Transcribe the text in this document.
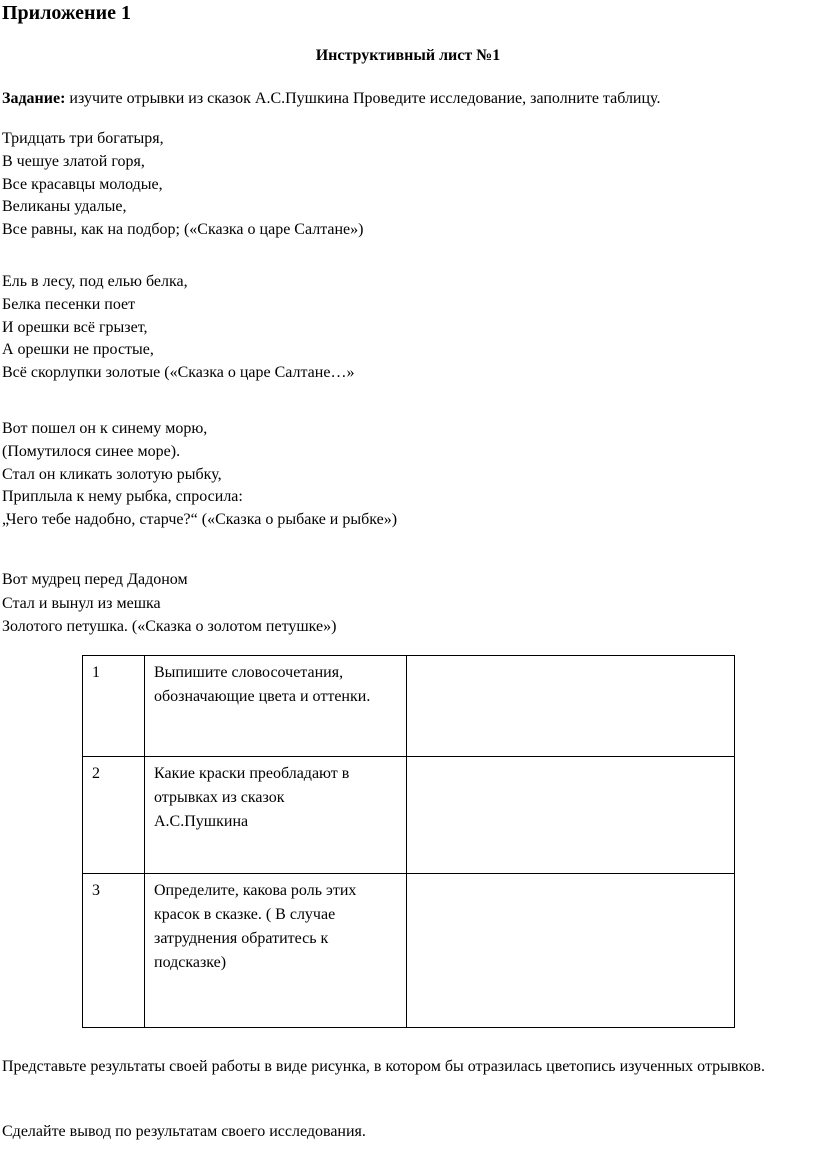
Приложение 1
Инструктивный лист №1
Задание: изучите отрывки из сказок А.С.Пушкина Проведите исследование, заполните таблицу.
Тридцать три богатыря,
В чешуе златой горя,
Все красавцы молодые,
Великаны удалые,
Все равны, как на подбор; («Сказка о царе Салтане»)
Ель в лесу, под елью белка,
Белка песенки поет
И орешки всё грызет,
А орешки не простые,
Всё скорлупки золотые («Сказка о царе Салтане…»
Вот пошел он к синему морю,
(Помутилося синее море).
Стал он кликать золотую рыбку,
Приплыла к нему рыбка, спросила:
„Чего тебе надобно, старче?“ («Сказка о рыбаке и рыбке»)
Вот мудрец перед Дадоном
Стал и вынул из мешка
Золотого петушка. («Сказка о золотом петушке»)
1	Выпишите словосочетания,
обозначающие цвета и оттенки.	

2	Какие краски преобладают в
отрывках из сказок
А.С.Пушкина	

3	Определите, какова роль этих
красок в сказке. ( В случае
затруднения обратитесь к
подсказке)	

Представьте результаты своей работы в виде рисунка, в котором бы отразилась цветопись изученных отрывков.
Сделайте вывод по результатам своего исследования.
